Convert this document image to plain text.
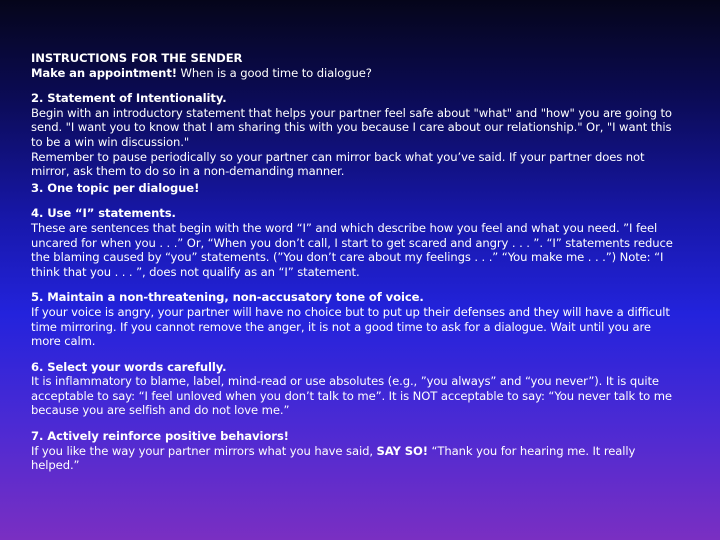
INSTRUCTIONS FOR THE SENDER

Make an appointment! When is a good time to dialogue?

2. Statement of Intentionality.

Begin with an introductory statement that helps your partner feel safe about "what" and "how" you are going to send. "I want you to know that I am sharing this with you because I care about our relationship." Or, "I want this to be a win win discussion."

Remember to pause periodically so your partner can mirror back what you’ve said. If your partner does not mirror, ask them to do so in a non-demanding manner.

3. One topic per dialogue!

4. Use “I” statements.

These are sentences that begin with the word “I” and which describe how you feel and what you need. ”I feel uncared for when you . . .” Or, “When you don’t call, I start to get scared and angry . . . ”. “I” statements reduce the blaming caused by “you” statements. (”You don’t care about my feelings . . .” “You make me . . .”) Note: “I think that you . . . ”, does not qualify as an “I” statement.

5. Maintain a non-threatening, non-accusatory tone of voice.

If your voice is angry, your partner will have no choice but to put up their defenses and they will have a difficult time mirroring. If you cannot remove the anger, it is not a good time to ask for a dialogue. Wait until you are more calm.

6. Select your words carefully.

It is inflammatory to blame, label, mind-read or use absolutes (e.g., ”you always” and “you never”). It is quite acceptable to say: “I feel unloved when you don’t talk to me”. It is NOT acceptable to say: “You never talk to me because you are selfish and do not love me.”

7. Actively reinforce positive behaviors!

If you like the way your partner mirrors what you have said, SAY SO! “Thank you for hearing me. It really helped.”
